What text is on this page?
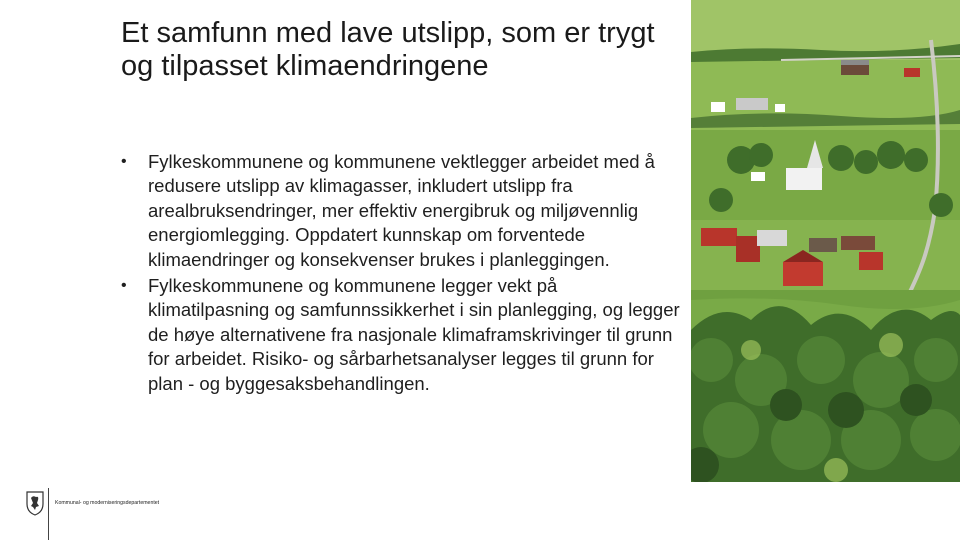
Et samfunn med lave utslipp, som er trygt og tilpasset klimaendringene
•	Fylkeskommunene og kommunene vektlegger arbeidet med å redusere utslipp av klimagasser, inkludert utslipp fra arealbruksendringer, mer effektiv energibruk og miljøvennlig energiomlegging. Oppdatert kunnskap om forventede klimaendringer og konsekvenser brukes i planleggingen.
•	Fylkeskommunene og kommunene legger vekt på klimatilpasning og samfunnssikkerhet i sin planlegging, og legger de høye alternativene fra nasjonale klimaframskrivinger til grunn for arbeidet. Risiko- og sårbarhetsanalyser legges til grunn for plan - og byggesaksbehandlingen.
Kommunal- og moderniseringsdepartementet
